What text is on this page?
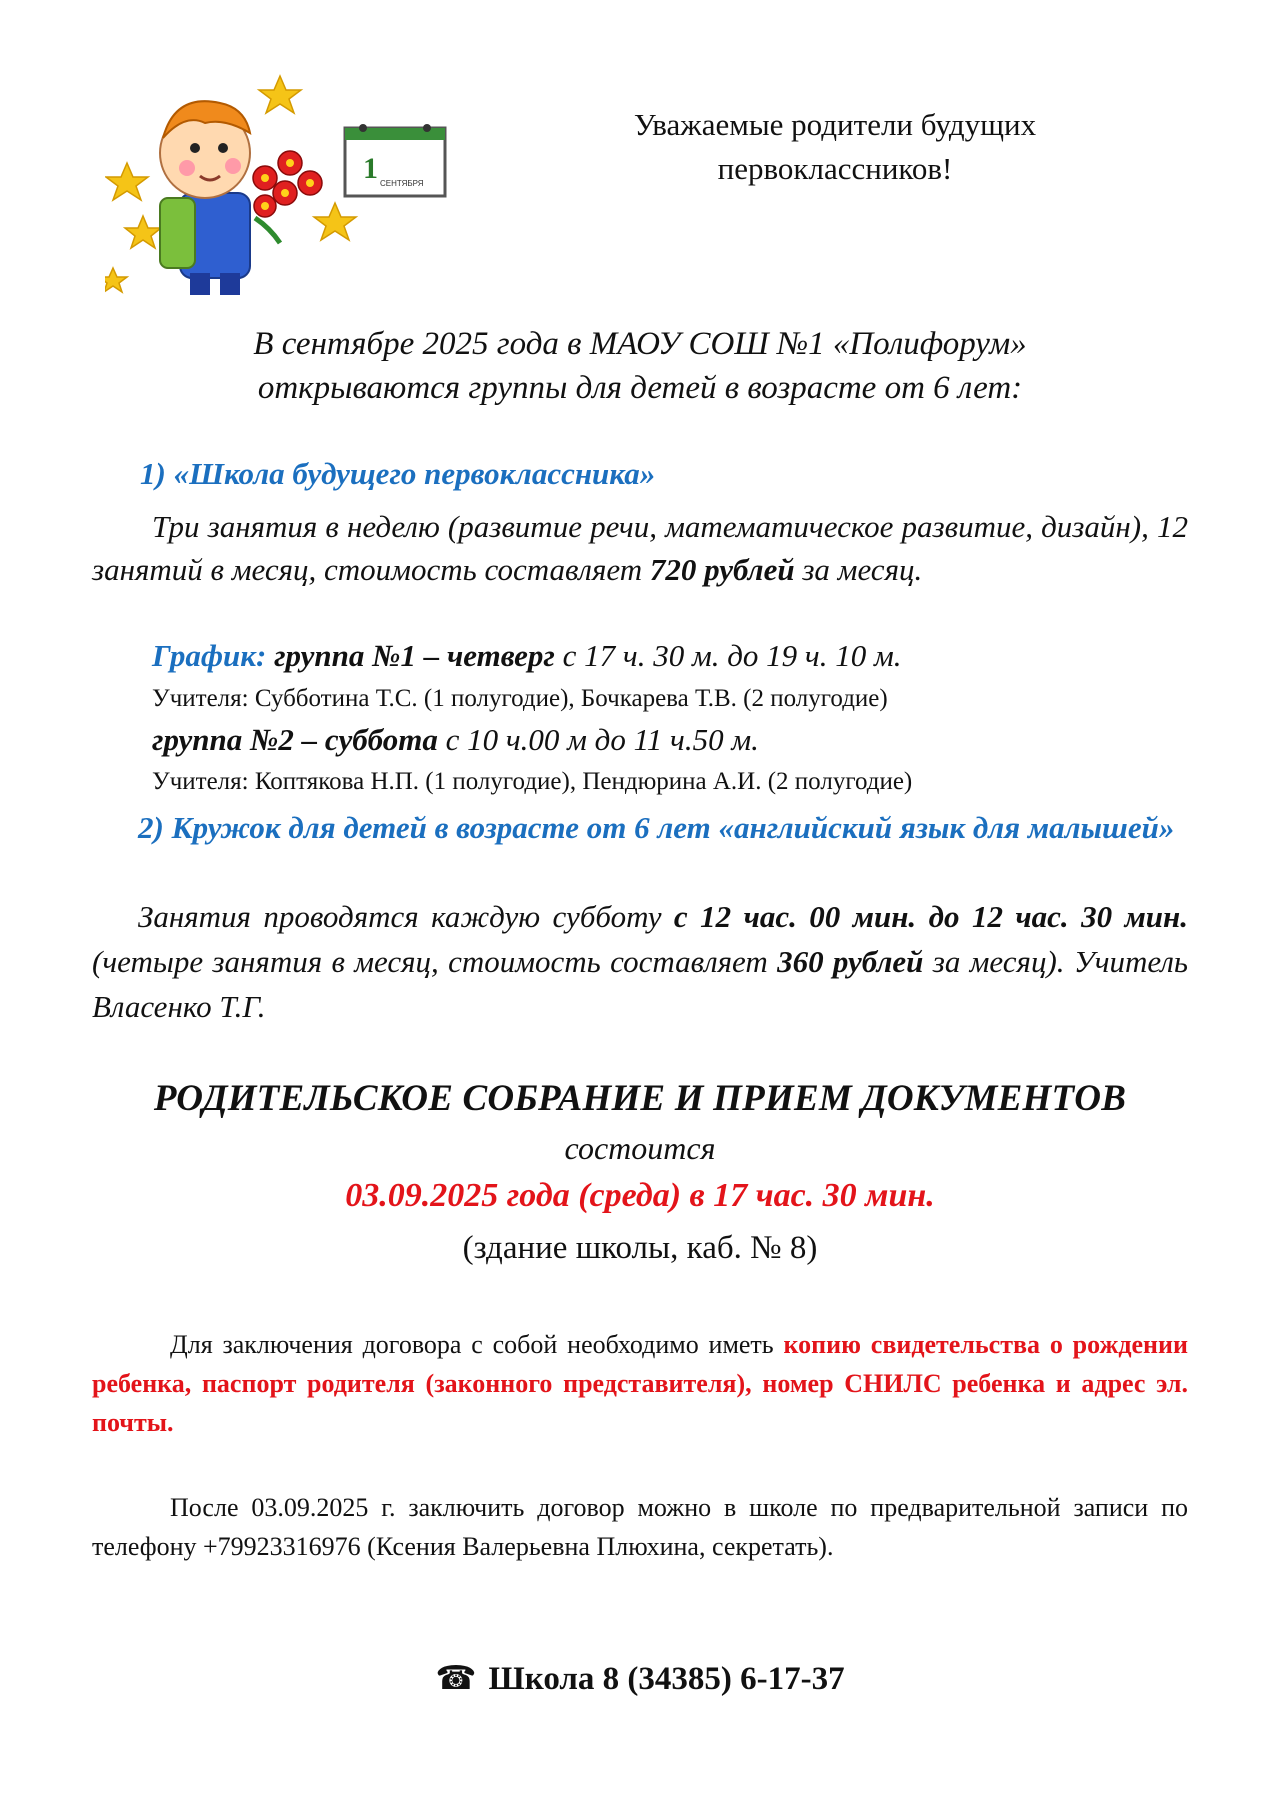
1 СЕНТЯБРЯ
Уважаемые родители будущих
первоклассников!
В сентябре 2025 года в МАОУ СОШ №1 «Полифорум»
открываются группы для детей в возрасте от 6 лет:
1) «Школа будущего первоклассника»
Три занятия в неделю (развитие речи, математическое развитие, дизайн), 12 занятий в месяц, стоимость составляет 720 рублей за месяц.
График: группа №1 – четверг с 17 ч. 30 м. до 19 ч. 10 м.
Учителя: Субботина Т.С. (1 полугодие), Бочкарева Т.В. (2 полугодие)
группа №2 – суббота с 10 ч.00 м до 11 ч.50 м.
Учителя: Коптякова Н.П. (1 полугодие), Пендюрина А.И. (2 полугодие)
2) Кружок для детей в возрасте от 6 лет «английский язык для малышей»
Занятия проводятся каждую субботу с 12 час. 00 мин. до 12 час. 30 мин. (четыре занятия в месяц, стоимость составляет 360 рублей за месяц). Учитель Власенко Т.Г.
РОДИТЕЛЬСКОЕ СОБРАНИЕ И ПРИЕМ ДОКУМЕНТОВ
состоится
03.09.2025 года (среда) в 17 час. 30 мин.
(здание школы, каб. № 8)
Для заключения договора с собой необходимо иметь копию свидетельства о рождении ребенка, паспорт родителя (законного представителя), номер СНИЛС ребенка и адрес эл. почты.
После 03.09.2025 г. заключить договор можно в школе по предварительной записи по телефону +79923316976 (Ксения Валерьевна Плюхина, секретать).
☎ Школа 8 (34385) 6-17-37
